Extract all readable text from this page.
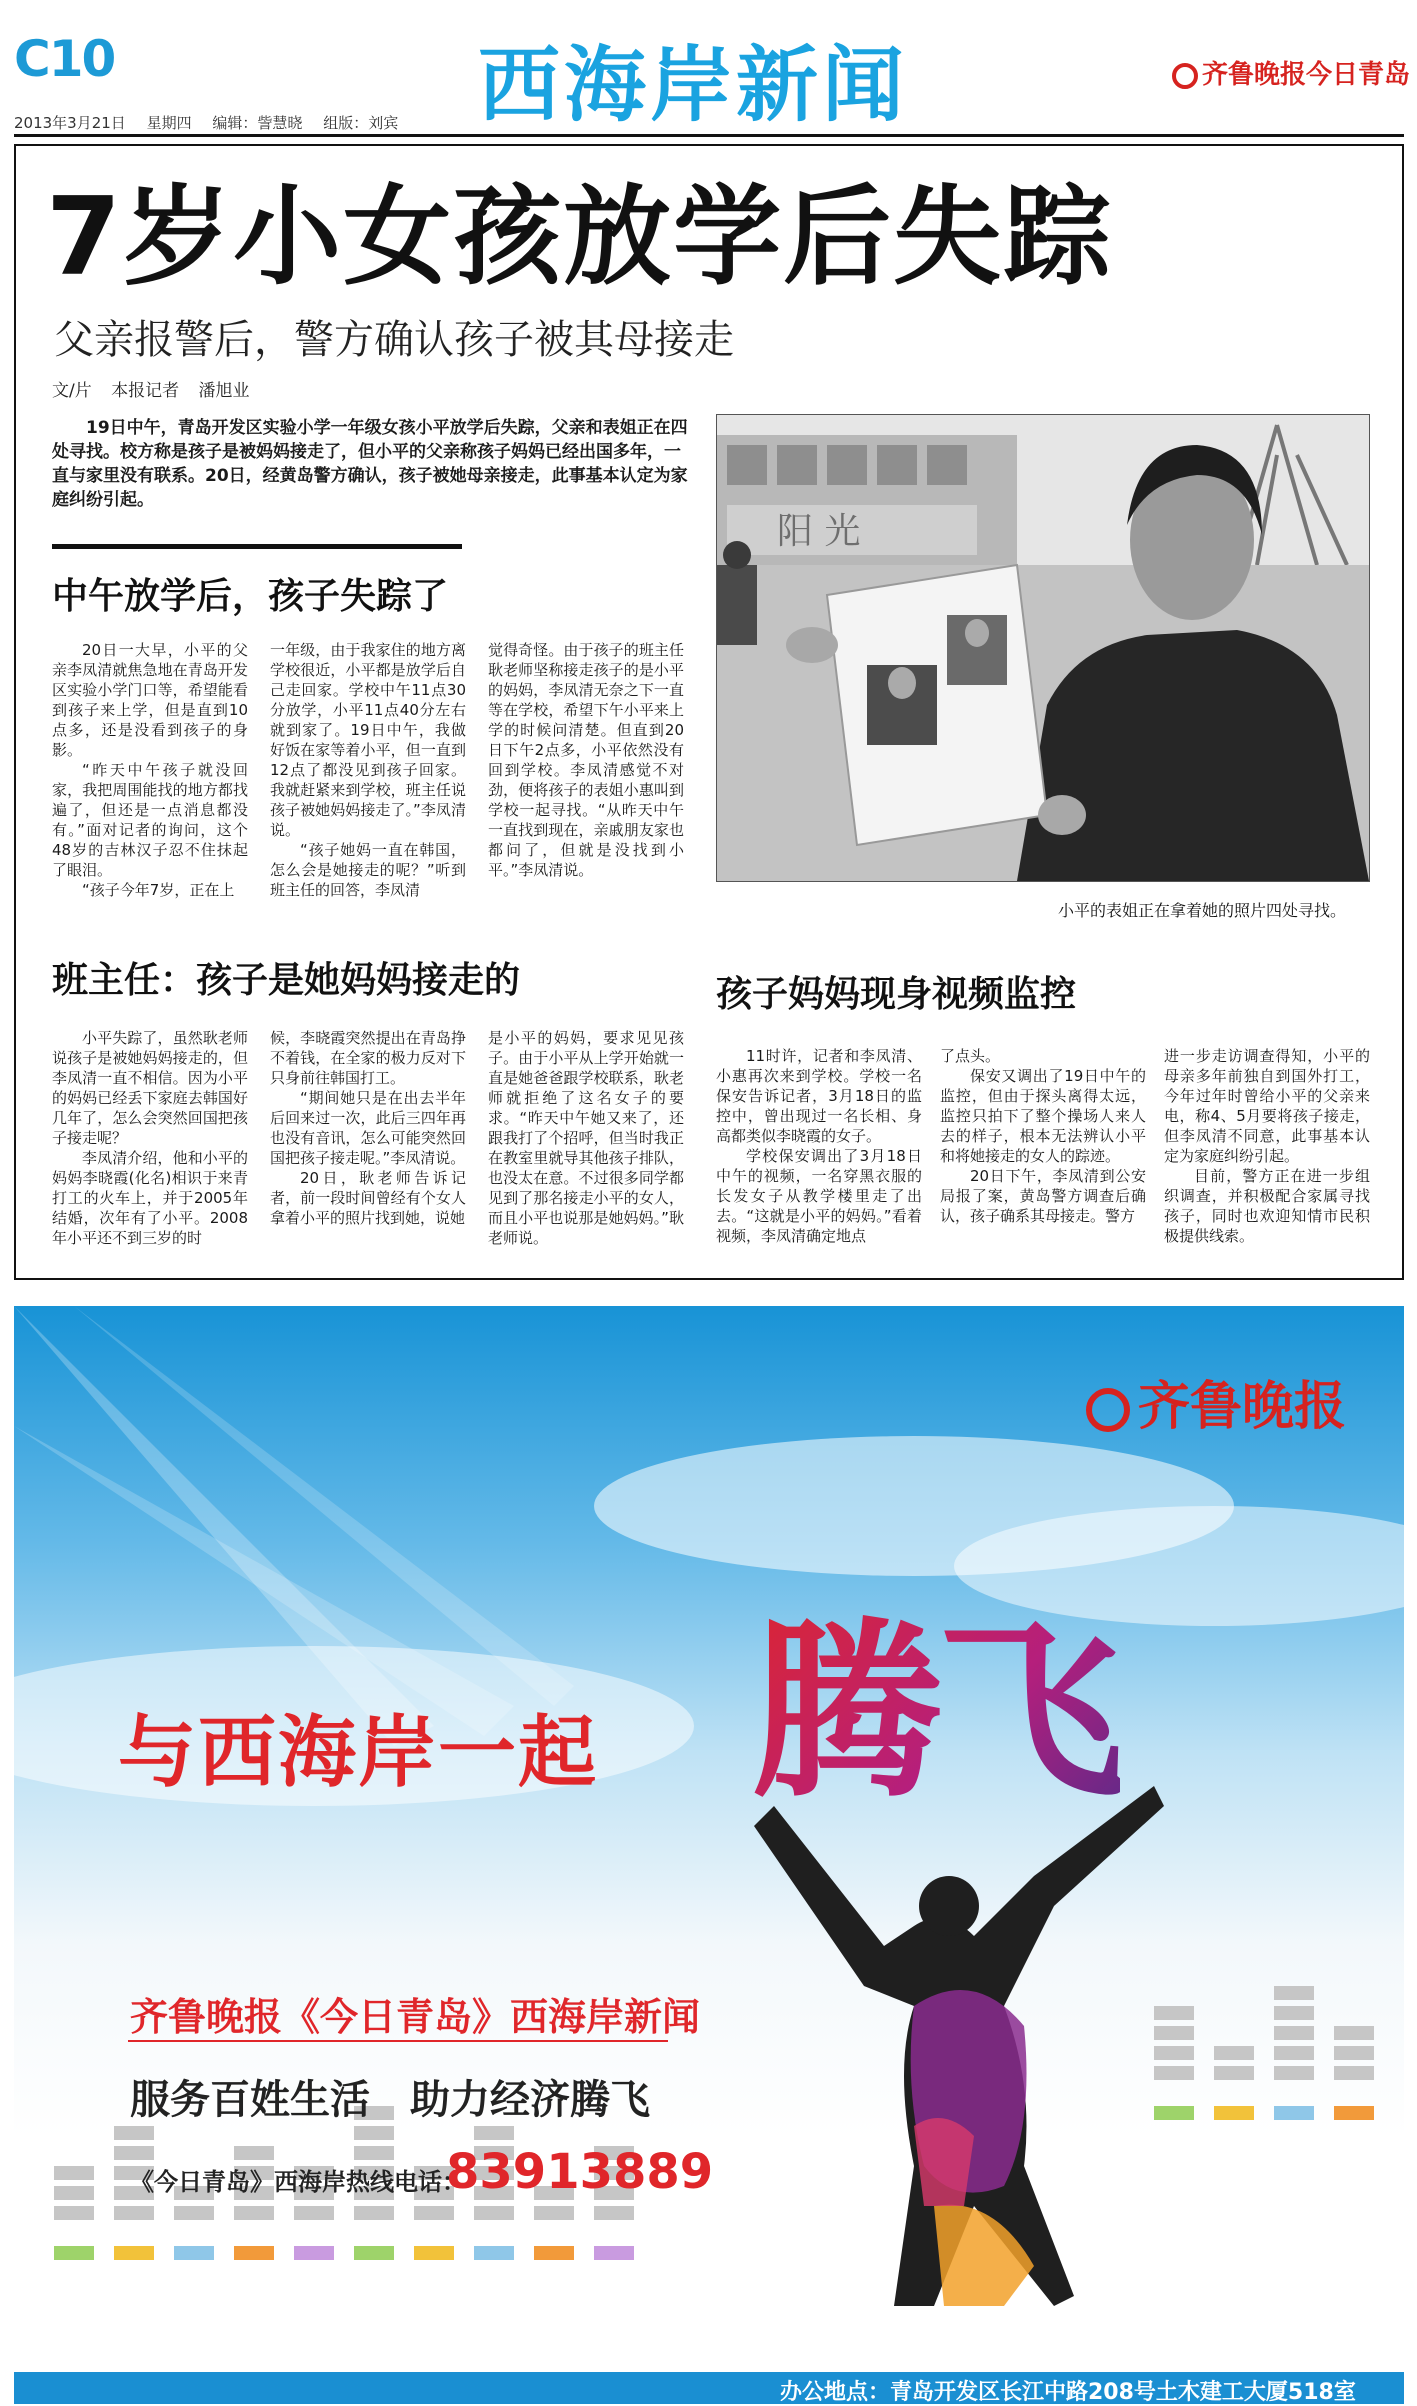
C10	西海岸新闻	齐鲁晚报今日青岛
2013年3月21日 星期四 编辑：訾慧晓 组版：刘宾
7岁小女孩放学后失踪
父亲报警后，警方确认孩子被其母接走
文/片 本报记者 潘旭业
19日中午，青岛开发区实验小学一年级女孩小平放学后失踪，父亲和表姐正在四处寻找。校方称是孩子是被妈妈接走了，但小平的父亲称孩子妈妈已经出国多年，一直与家里没有联系。20日，经黄岛警方确认，孩子被她母亲接走，此事基本认定为家庭纠纷引起。
中午放学后，孩子失踪了

20日一大早，小平的父亲李凤清就焦急地在青岛开发区实验小学门口等，希望能看到孩子来上学，但是直到10点多，还是没看到孩子的身影。

“昨天中午孩子就没回家，我把周围能找的地方都找遍了，但还是一点消息都没有。”面对记者的询问，这个48岁的吉林汉子忍不住抹起了眼泪。

“孩子今年7岁，正在上

一年级，由于我家住的地方离学校很近，小平都是放学后自己走回家。学校中午11点30分放学，小平11点40分左右就到家了。19日中午，我做好饭在家等着小平，但一直到12点了都没见到孩子回家。我就赶紧来到学校，班主任说孩子被她妈妈接走了。”李凤清说。

“孩子她妈一直在韩国，怎么会是她接走的呢？”听到班主任的回答，李凤清

觉得奇怪。由于孩子的班主任耿老师坚称接走孩子的是小平的妈妈，李凤清无奈之下一直等在学校，希望下午小平来上学的时候问清楚。但直到20日下午2点多，小平依然没有回到学校。李凤清感觉不对劲，便将孩子的表姐小惠叫到学校一起寻找。“从昨天中午一直找到现在，亲戚朋友家也都问了，但就是没找到小平。”李凤清说。

阳 光
小平的表姐正在拿着她的照片四处寻找。
班主任：孩子是她妈妈接走的

小平失踪了，虽然耿老师说孩子是被她妈妈接走的，但李凤清一直不相信。因为小平的妈妈已经丢下家庭去韩国好几年了，怎么会突然回国把孩子接走呢？

李凤清介绍，他和小平的妈妈李晓霞(化名)相识于来青打工的火车上，并于2005年结婚，次年有了小平。2008年小平还不到三岁的时

候，李晓霞突然提出在青岛挣不着钱，在全家的极力反对下只身前往韩国打工。

“期间她只是在出去半年后回来过一次，此后三四年再也没有音讯，怎么可能突然回国把孩子接走呢。”李凤清说。

20日，耿老师告诉记者，前一段时间曾经有个女人拿着小平的照片找到她，说她

是小平的妈妈，要求见见孩子。由于小平从上学开始就一直是她爸爸跟学校联系，耿老师就拒绝了这名女子的要求。“昨天中午她又来了，还跟我打了个招呼，但当时我正在教室里就导其他孩子排队，也没太在意。不过很多同学都见到了那名接走小平的女人，而且小平也说那是她妈妈。”耿老师说。

孩子妈妈现身视频监控

11时许，记者和李凤清、小惠再次来到学校。学校一名保安告诉记者，3月18日的监控中，曾出现过一名长相、身高都类似李晓霞的女子。

学校保安调出了3月18日中午的视频，一名穿黑衣服的长发女子从教学楼里走了出去。“这就是小平的妈妈。”看着视频，李凤清确定地点

了点头。

保安又调出了19日中午的监控，但由于探头离得太远，监控只拍下了整个操场人来人去的样子，根本无法辨认小平和将她接走的女人的踪迹。

20日下午，李凤清到公安局报了案，黄岛警方调查后确认，孩子确系其母接走。警方

进一步走访调查得知，小平的母亲多年前独自到国外打工，今年过年时曾给小平的父亲来电，称4、5月要将孩子接走，但李凤清不同意，此事基本认定为家庭纠纷引起。

目前，警方正在进一步组织调查，并积极配合家属寻找孩子，同时也欢迎知情市民积极提供线索。

齐鲁晚报
与西海岸一起 腾飞
齐鲁晚报《今日青岛》西海岸新闻
服务百姓生活　助力经济腾飞
《今日青岛》西海岸热线电话：
83913889
办公地点：青岛开发区长江中路208号土木建工大厦518室
